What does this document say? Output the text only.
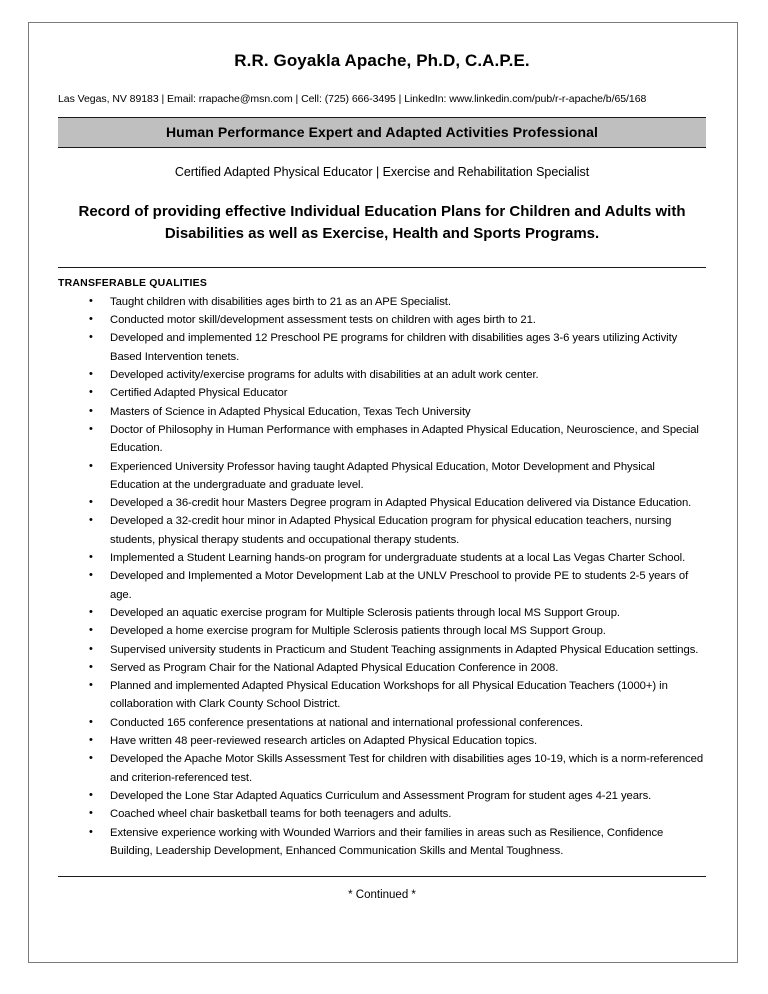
R.R. Goyakla Apache, Ph.D, C.A.P.E.
Las Vegas, NV 89183 | Email: rrapache@msn.com | Cell: (725) 666-3495 | LinkedIn: www.linkedin.com/pub/r-r-apache/b/65/168
Human Performance Expert and Adapted Activities Professional
Certified Adapted Physical Educator | Exercise and Rehabilitation Specialist
Record of providing effective Individual Education Plans for Children and Adults with Disabilities as well as Exercise, Health and Sports Programs.
TRANSFERABLE QUALITIES
• Taught children with disabilities ages birth to 21 as an APE Specialist.
• Conducted motor skill/development assessment tests on children with ages birth to 21.
• Developed and implemented 12 Preschool PE programs for children with disabilities ages 3-6 years utilizing Activity Based Intervention tenets.
• Developed activity/exercise programs for adults with disabilities at an adult work center.
• Certified Adapted Physical Educator
• Masters of Science in Adapted Physical Education, Texas Tech University
• Doctor of Philosophy in Human Performance with emphases in Adapted Physical Education, Neuroscience, and Special Education.
• Experienced University Professor having taught Adapted Physical Education, Motor Development and Physical Education at the undergraduate and graduate level.
• Developed a 36-credit hour Masters Degree program in Adapted Physical Education delivered via Distance Education.
• Developed a 32-credit hour minor in Adapted Physical Education program for physical education teachers, nursing students, physical therapy students and occupational therapy students.
• Implemented a Student Learning hands-on program for undergraduate students at a local Las Vegas Charter School.
• Developed and Implemented a Motor Development Lab at the UNLV Preschool to provide PE to students 2-5 years of age.
• Developed an aquatic exercise program for Multiple Sclerosis patients through local MS Support Group.
• Developed a home exercise program for Multiple Sclerosis patients through local MS Support Group.
• Supervised university students in Practicum and Student Teaching assignments in Adapted Physical Education settings.
• Served as Program Chair for the National Adapted Physical Education Conference in 2008.
• Planned and implemented Adapted Physical Education Workshops for all Physical Education Teachers (1000+) in collaboration with Clark County School District.
• Conducted 165 conference presentations at national and international professional conferences.
• Have written 48 peer-reviewed research articles on Adapted Physical Education topics.
• Developed the Apache Motor Skills Assessment Test for children with disabilities ages 10-19, which is a norm-referenced and criterion-referenced test.
• Developed the Lone Star Adapted Aquatics Curriculum and Assessment Program for student ages 4-21 years.
• Coached wheel chair basketball teams for both teenagers and adults.
• Extensive experience working with Wounded Warriors and their families in areas such as Resilience, Confidence Building, Leadership Development, Enhanced Communication Skills and Mental Toughness.
* Continued *
